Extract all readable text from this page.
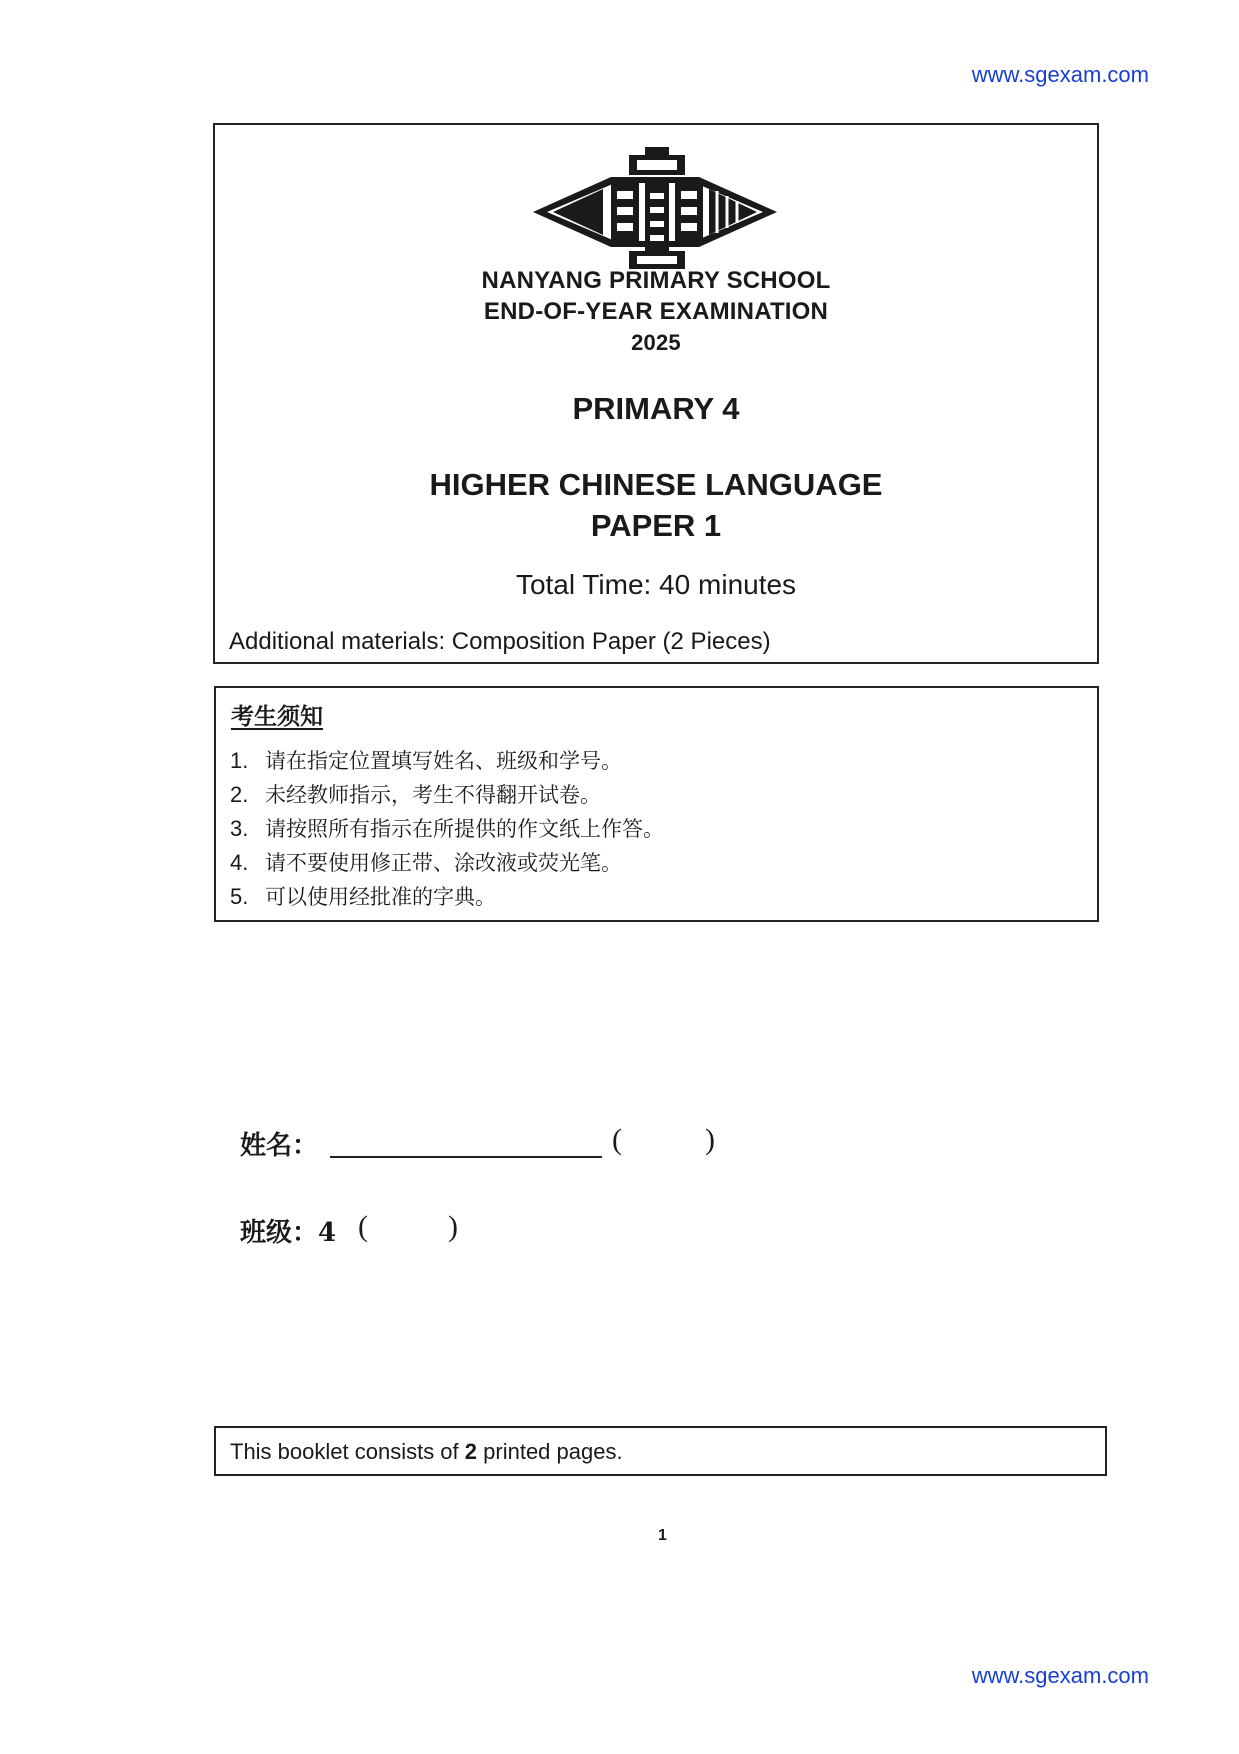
www.sgexam.com
NANYANG PRIMARY SCHOOL
END-OF-YEAR EXAMINATION
2025
PRIMARY 4
HIGHER CHINESE LANGUAGE
PAPER 1
Total Time: 40 minutes
Additional materials: Composition Paper (2 Pieces)
考生须知
1. 请在指定位置填写姓名、班级和学号。
2. 未经教师指示，考生不得翻开试卷。
3. 请按照所有指示在所提供的作文纸上作答。
4. 请不要使用修正带、涂改液或荧光笔。
5. 可以使用经批准的字典。
姓名：	(	)
班级：4 (	)
This booklet consists of 2 printed pages.
1
www.sgexam.com
